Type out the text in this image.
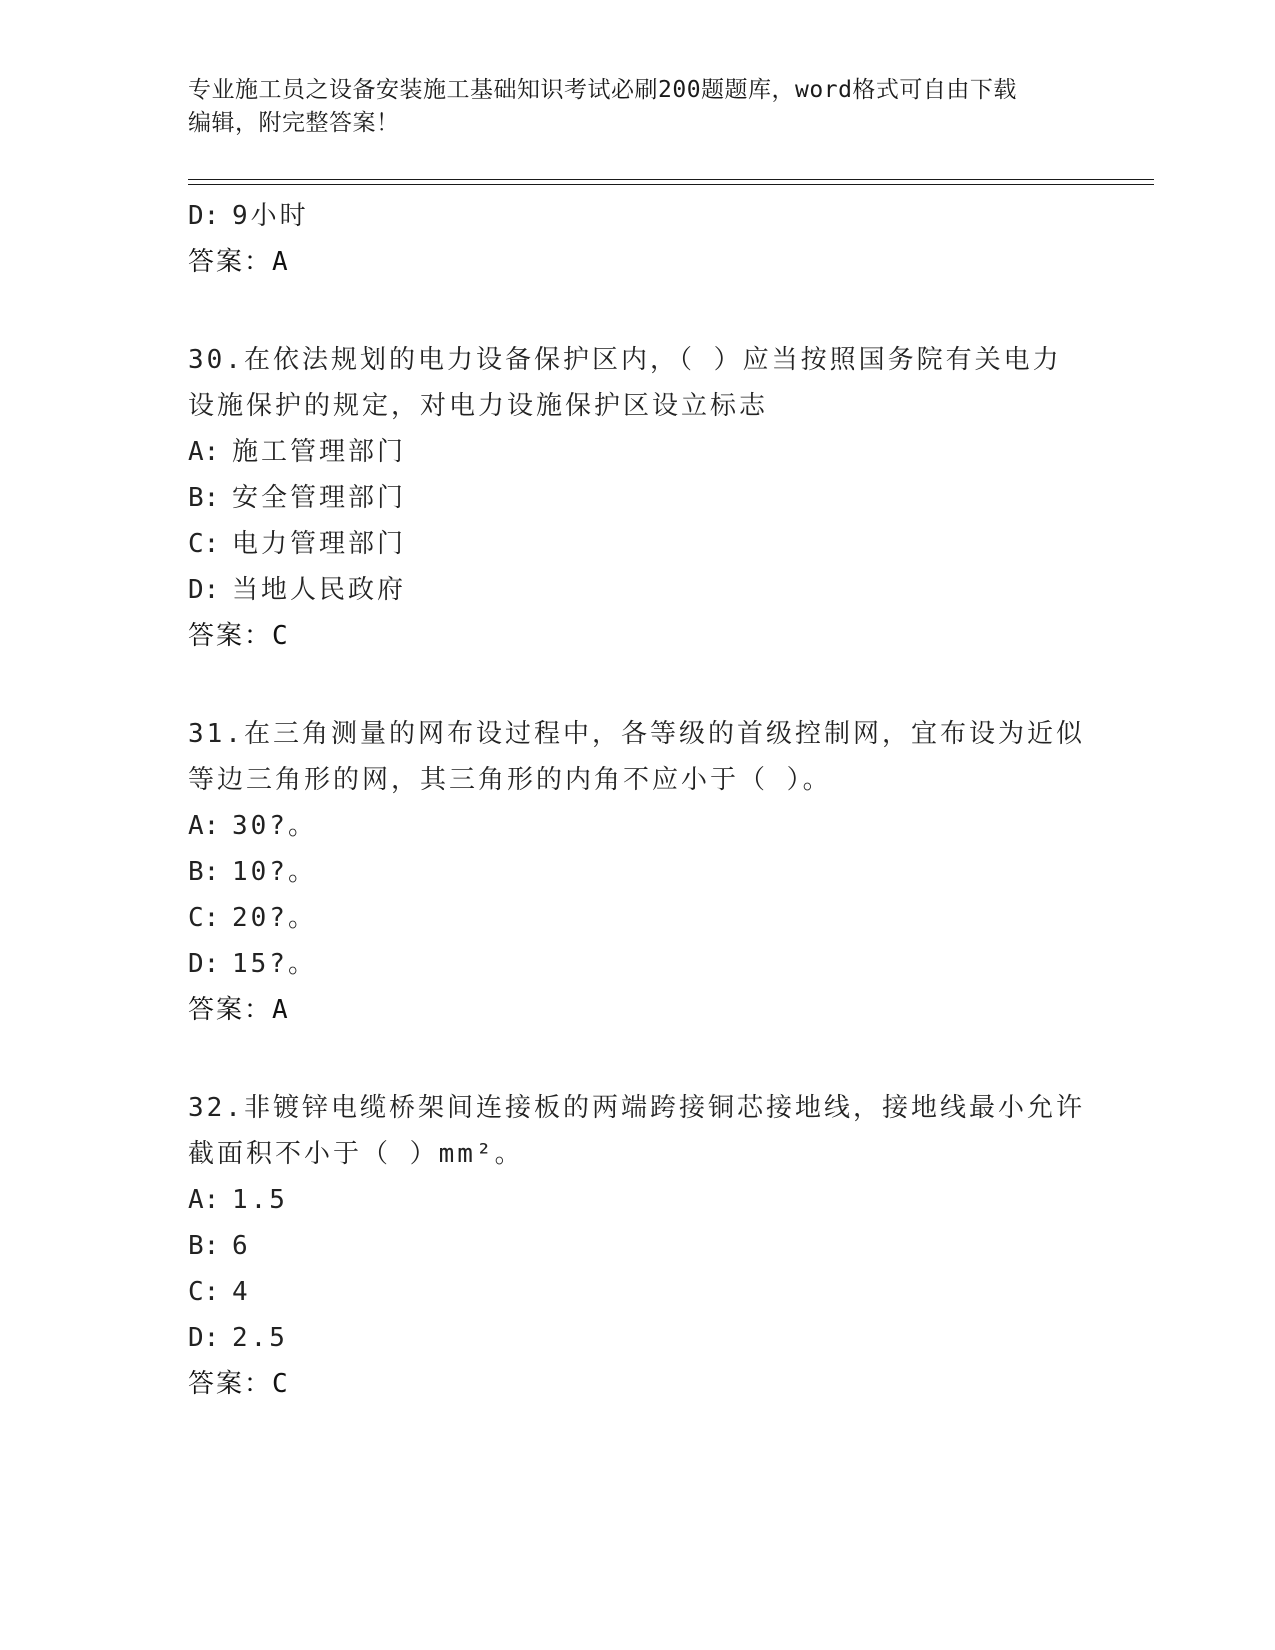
专业施工员之设备安装施工基础知识考试必刷200题题库，word格式可自由下载
编辑，附完整答案！
D: 9小时
答案：A
30.在依法规划的电力设备保护区内，（ ）应当按照国务院有关电力
设施保护的规定，对电力设施保护区设立标志
A: 施工管理部门
B: 安全管理部门
C: 电力管理部门
D: 当地人民政府
答案：C
31.在三角测量的网布设过程中，各等级的首级控制网，宜布设为近似
等边三角形的网，其三角形的内角不应小于（ ）。
A: 30?。
B: 10?。
C: 20?。
D: 15?。
答案：A
32.非镀锌电缆桥架间连接板的两端跨接铜芯接地线，接地线最小允许
截面积不小于（ ）mm²。
A: 1.5
B: 6
C: 4
D: 2.5
答案：C
